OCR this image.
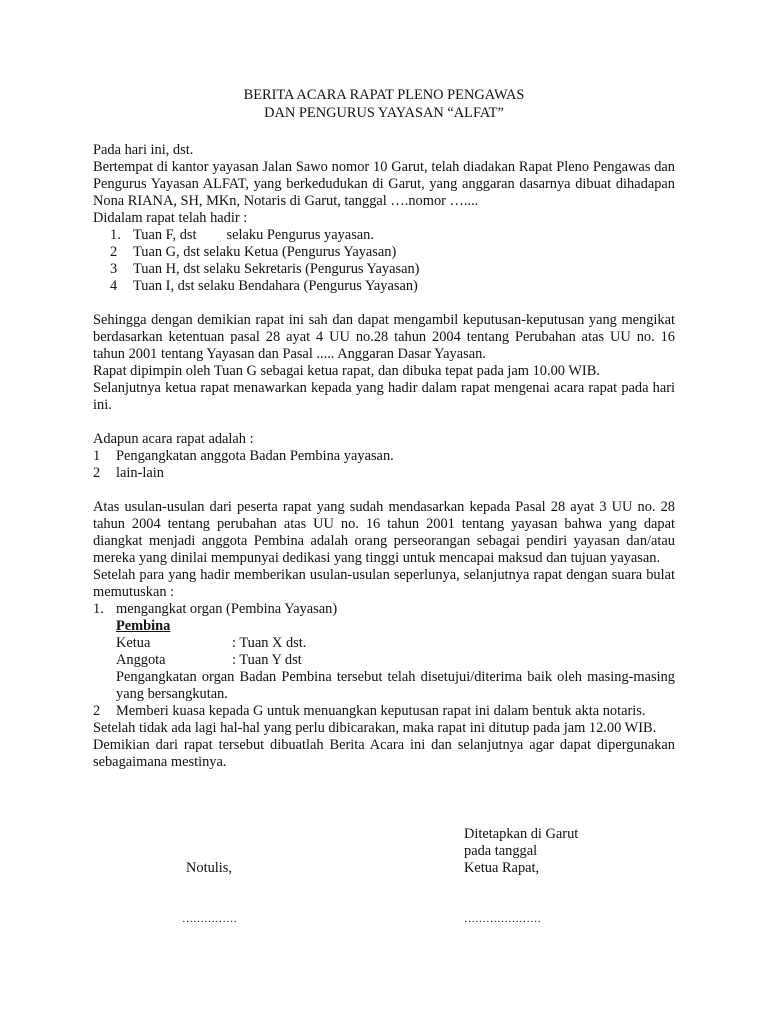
BERITA ACARA RAPAT PLENO PENGAWAS

DAN PENGURUS YAYASAN “ALFAT”

Pada hari ini, dst.

Bertempat di kantor yayasan Jalan Sawo nomor 10 Garut, telah diadakan Rapat Pleno Pengawas dan Pengurus Yayasan ALFAT, yang berkedudukan di Garut, yang anggaran dasarnya dibuat dihadapan Nona RIANA, SH, MKn, Notaris di Garut, tanggal ….nomor …....

Didalam rapat telah hadir :

1. Tuan F, dst selaku Pengurus yayasan.
2	Tuan G, dst selaku Ketua (Pengurus Yayasan)
3	Tuan H, dst selaku Sekretaris (Pengurus Yayasan)
4	Tuan I, dst selaku Bendahara (Pengurus Yayasan)

Sehingga dengan demikian rapat ini sah dan dapat mengambil keputusan-keputusan yang mengikat berdasarkan ketentuan pasal 28 ayat 4 UU no.28 tahun 2004 tentang Perubahan atas UU no. 16 tahun 2001 tentang Yayasan dan Pasal ..... Anggaran Dasar Yayasan.

Rapat dipimpin oleh Tuan G sebagai ketua rapat, dan dibuka tepat pada jam 10.00 WIB.

Selanjutnya ketua rapat menawarkan kepada yang hadir dalam rapat mengenai acara rapat pada hari ini.

Adapun acara rapat adalah :

1	Pengangkatan anggota Badan Pembina yayasan.
2	lain-lain

Atas usulan-usulan dari peserta rapat yang sudah mendasarkan kepada Pasal 28 ayat 3 UU no. 28 tahun 2004 tentang perubahan atas UU no. 16 tahun 2001 tentang yayasan bahwa yang dapat diangkat menjadi anggota Pembina adalah orang perseorangan sebagai pendiri yayasan dan/atau mereka yang dinilai mempunyai dedikasi yang tinggi untuk mencapai maksud dan tujuan yayasan.

Setelah para yang hadir memberikan usulan-usulan seperlunya, selanjutnya rapat dengan suara bulat memutuskan :

1. mengangkat organ (Pembina Yayasan)

Pembina

Ketua	: Tuan X dst.

Anggota	: Tuan Y dst

Pengangkatan organ Badan Pembina tersebut telah disetujui/diterima baik oleh masing-masing yang bersangkutan.

2	Memberi kuasa kepada G untuk menuangkan keputusan rapat ini dalam bentuk akta notaris.

Setelah tidak ada lagi hal-hal yang perlu dibicarakan, maka rapat ini ditutup pada jam 12.00 WIB.

Demikian dari rapat tersebut dibuatlah Berita Acara ini dan selanjutnya agar dapat dipergunakan sebagaimana mestinya.

Ditetapkan di Garut
pada tanggal
Notulis,	Ketua Rapat,
……………	…………………
